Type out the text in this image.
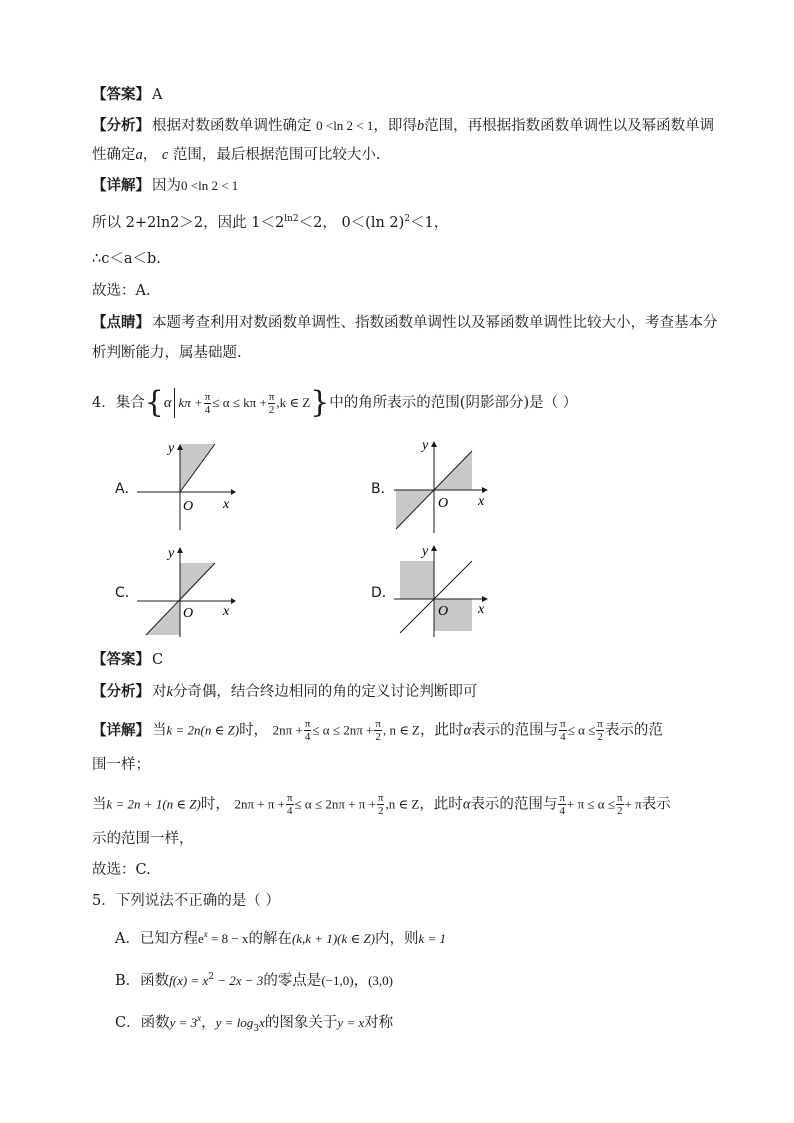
【答案】 A
【分析】 根据对数函数单调性确定 0 <ln 2 < 1，即得b范围，再根据指数函数单调性以及幂函数单调
性确定a， c 范围，最后根据范围可比较大小.
【详解】 因为0 <ln 2 < 1
所以 2+2ln2＞2，因此 $1<2^{ln2}<2$， 0＜(ln 2)$^2$＜1，
∴c＜a＜b.
故选：A.
【点睛】 本题考查利用对数函数单调性、指数函数单调性以及幂函数单调性比较大小，考查基本分
析判断能力，属基础题.
4．集合{α $k\pi + \frac{\pi}{4} \le \alpha \le k\pi + \frac{\pi}{2} ,k$ ∈ Z}中的角所表示的范围(阴影部分)是（ ）
A．	B．
C．	D．
y
x
O
y
x
O
y
x
O
y
x
O
【答案】 C
【分析】 对k分奇偶，结合终边相同的角的定义讨论判断即可
【详解】 当k = 2n(n ∈ Z)时， $2n\pi + \frac{\pi}{4} \le \alpha \le 2n\pi + \frac{\pi}{2}$ , n ∈ Z，此时α表示的范围与 $\frac{\pi}{4} \le \alpha \le \frac{\pi}{2}$ 表示的范
围一样；
当k = 2n + 1(n ∈ Z)时， $2n\pi + \pi + \frac{\pi}{4} \le \alpha \le 2n\pi + \pi + \frac{\pi}{2} ,n$ ∈ Z，此时α表示的范围与 $\frac{\pi}{4} + \pi \le \alpha \le \frac{\pi}{2} + \pi$表示
示的范围一样，
故选：C.
5．下列说法不正确的是（ ）
A．已知方程$e^x = 8 - x$的解在(k,k + 1)(k ∈ Z)内，则k = 1
B．函数$f(x) = x^2 - 2x - 3$的零点是(−1,0)，(3,0)
C．函数$y = 3^x$，$y = \log_3x$的图象关于y = x对称
